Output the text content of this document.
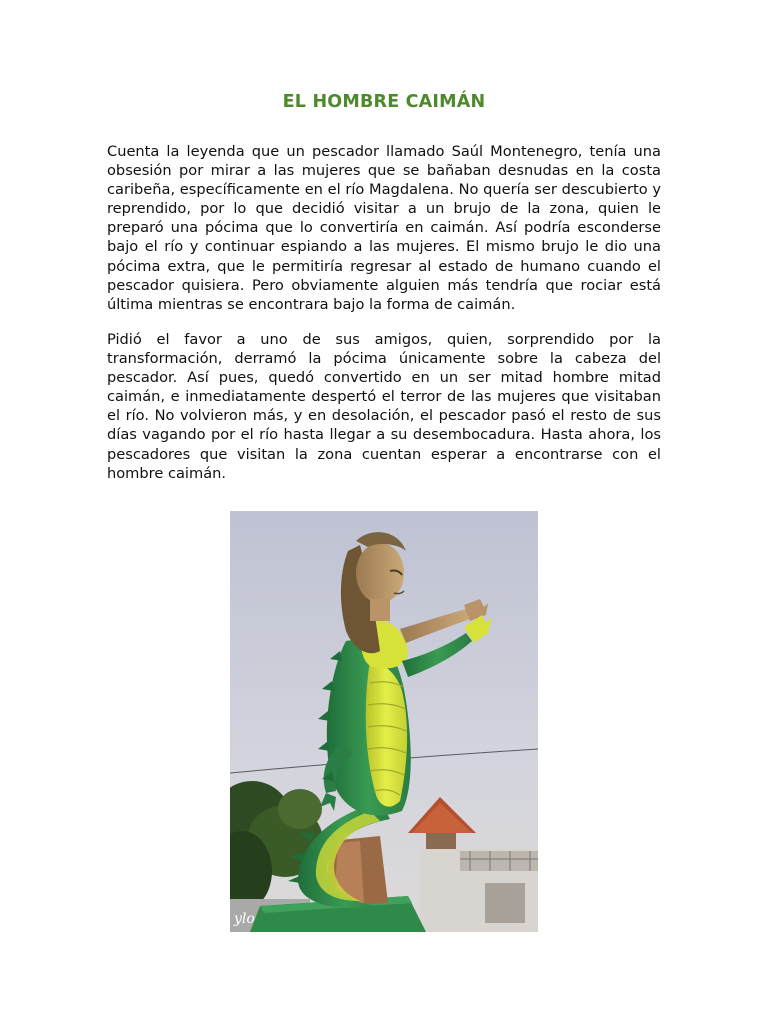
EL HOMBRE CAIMÁN

Cuenta la leyenda que un pescador llamado Saúl Montenegro, tenía una obsesión por mirar a las mujeres que se bañaban desnudas en la costa caribeña, específicamente en el río Magdalena. No quería ser descubierto y reprendido, por lo que decidió visitar a un brujo de la zona, quien le preparó una pócima que lo convertiría en caimán. Así podría esconderse bajo el río y continuar espiando a las mujeres. El mismo brujo le dio una pócima extra, que le permitiría regresar al estado de humano cuando el pescador quisiera. Pero obviamente alguien más tendría que rociar está última mientras se encontrara bajo la forma de caimán.

Pidió el favor a uno de sus amigos, quien, sorprendido por la transformación, derramó la pócima únicamente sobre la cabeza del pescador. Así pues, quedó convertido en un ser mitad hombre mitad caimán, e inmediatamente despertó el terror de las mujeres que visitaban el río. No volvieron más, y en desolación, el pescador pasó el resto de sus días vagando por el río hasta llegar a su desembocadura. Hasta ahora, los pescadores que visitan la zona cuentan esperar a encontrarse con el hombre caimán.

ylo
